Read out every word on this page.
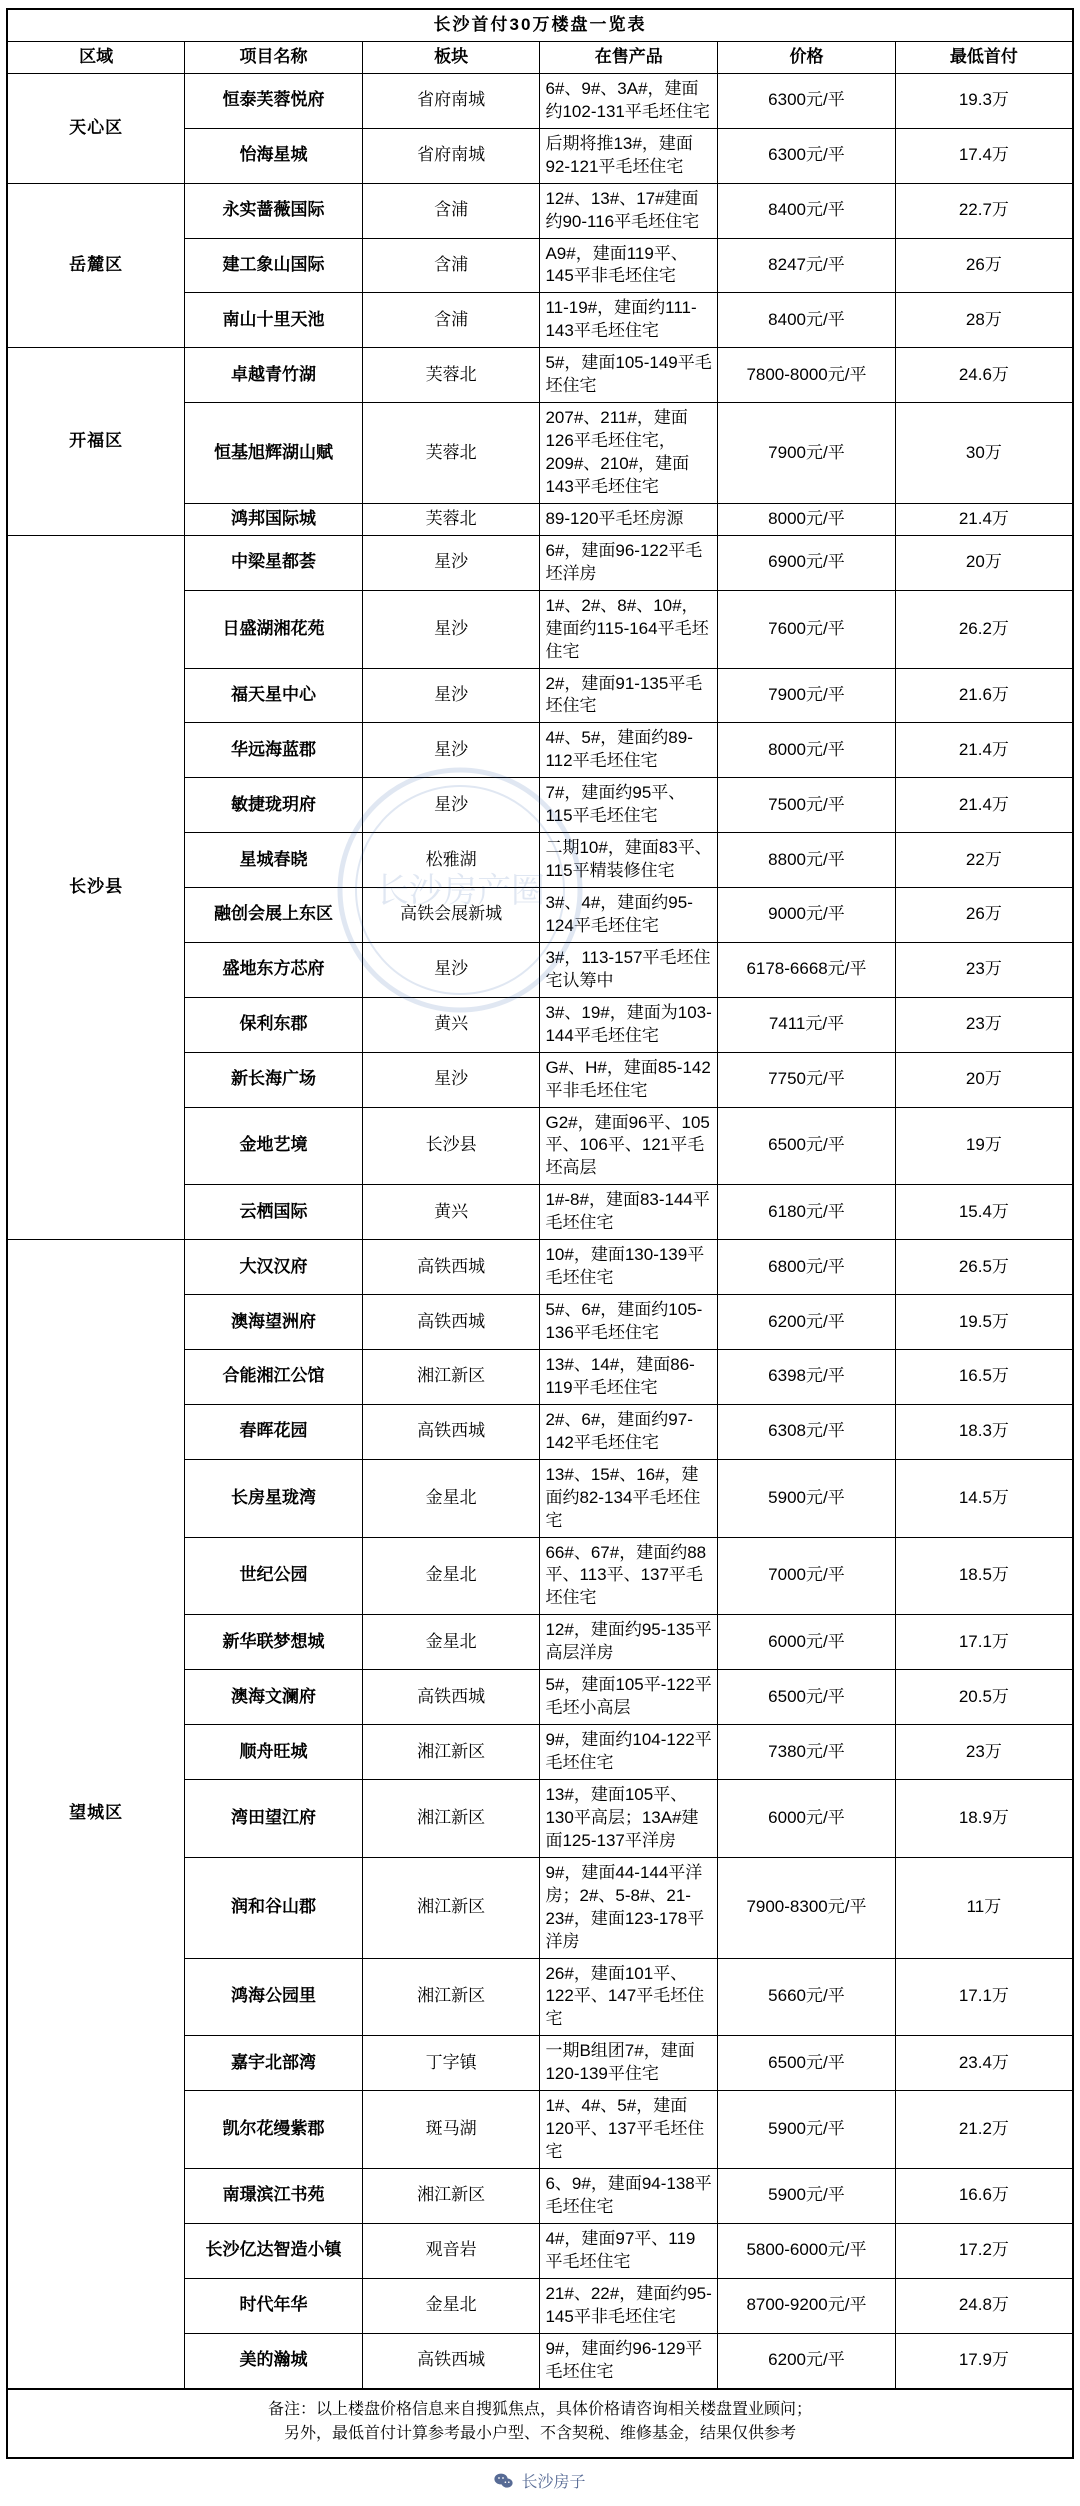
长沙首付30万楼盘一览表					
区域	项目名称	板块	在售产品	价格	最低首付
天心区	恒泰芙蓉悦府	省府南城	6#、9#、3A#，建面约102-131平毛坯住宅	6300元/平	19.3万
	怡海星城	省府南城	后期将推13#，建面92-121平毛坯住宅	6300元/平	17.4万
岳麓区	永实蔷薇国际	含浦	12#、13#、17#建面约90-116平毛坯住宅	8400元/平	22.7万
	建工象山国际	含浦	A9#，建面119平、145平非毛坯住宅	8247元/平	26万
	南山十里天池	含浦	11-19#，建面约111-143平毛坯住宅	8400元/平	28万
开福区	卓越青竹湖	芙蓉北	5#，建面105-149平毛坯住宅	7800-8000元/平	24.6万
	恒基旭辉湖山赋	芙蓉北	207#、211#，建面126平毛坯住宅，209#、210#，建面143平毛坯住宅	7900元/平	30万
	鸿邦国际城	芙蓉北	89-120平毛坯房源	8000元/平	21.4万
长沙县	中梁星都荟	星沙	6#，建面96-122平毛坯洋房	6900元/平	20万
	日盛湖湘花苑	星沙	1#、2#、8#、10#，建面约115-164平毛坯住宅	7600元/平	26.2万
	福天星中心	星沙	2#，建面91-135平毛坯住宅	7900元/平	21.6万
	华远海蓝郡	星沙	4#、5#，建面约89-112平毛坯住宅	8000元/平	21.4万
	敏捷珑玥府	星沙	7#，建面约95平、115平毛坯住宅	7500元/平	21.4万
	星城春晓	松雅湖	二期10#，建面83平、115平精装修住宅	8800元/平	22万
	融创会展上东区	高铁会展新城	3#、4#，建面约95-124平毛坯住宅	9000元/平	26万
	盛地东方芯府	星沙	3#，113-157平毛坯住宅认筹中	6178-6668元/平	23万
	保利东郡	黄兴	3#、19#，建面为103-144平毛坯住宅	7411元/平	23万
	新长海广场	星沙	G#、H#，建面85-142平非毛坯住宅	7750元/平	20万
	金地艺境	长沙县	G2#，建面96平、105平、106平、121平毛坯高层	6500元/平	19万
	云栖国际	黄兴	1#-8#，建面83-144平毛坯住宅	6180元/平	15.4万
望城区	大汉汉府	高铁西城	10#，建面130-139平毛坯住宅	6800元/平	26.5万
	澳海望洲府	高铁西城	5#、6#，建面约105-136平毛坯住宅	6200元/平	19.5万
	合能湘江公馆	湘江新区	13#、14#，建面86-119平毛坯住宅	6398元/平	16.5万
	春晖花园	高铁西城	2#、6#，建面约97-142平毛坯住宅	6308元/平	18.3万
	长房星珑湾	金星北	13#、15#、16#，建面约82-134平毛坯住宅	5900元/平	14.5万
	世纪公园	金星北	66#、67#，建面约88平、113平、137平毛坯住宅	7000元/平	18.5万
	新华联梦想城	金星北	12#，建面约95-135平高层洋房	6000元/平	17.1万
	澳海文澜府	高铁西城	5#，建面105平-122平毛坯小高层	6500元/平	20.5万
	顺舟旺城	湘江新区	9#，建面约104-122平毛坯住宅	7380元/平	23万
	湾田望江府	湘江新区	13#，建面105平、130平高层；13A#建面125-137平洋房	6000元/平	18.9万
	润和谷山郡	湘江新区	9#，建面44-144平洋房；2#、5-8#、21-23#，建面123-178平洋房	7900-8300元/平	11万
	鸿海公园里	湘江新区	26#，建面101平、122平、147平毛坯住宅	5660元/平	17.1万
	嘉宇北部湾	丁字镇	一期B组团7#，建面120-139平住宅	6500元/平	23.4万
	凯尔花缦紫郡	斑马湖	1#、4#、5#，建面120平、137平毛坯住宅	5900元/平	21.2万
	南璟滨江书苑	湘江新区	6、9#，建面94-138平毛坯住宅	5900元/平	16.6万
	长沙亿达智造小镇	观音岩	4#，建面97平、119平毛坯住宅	5800-6000元/平	17.2万
	时代年华	金星北	21#、22#，建面约95-145平非毛坯住宅	8700-9200元/平	24.8万
	美的瀚城	高铁西城	9#，建面约96-129平毛坯住宅	6200元/平	17.9万
备注：以上楼盘价格信息来自搜狐焦点，具体价格请咨询相关楼盘置业顾问；
另外，最低首付计算参考最小户型、不含契税、维修基金，结果仅供参考
长沙房子
长沙房产圈
